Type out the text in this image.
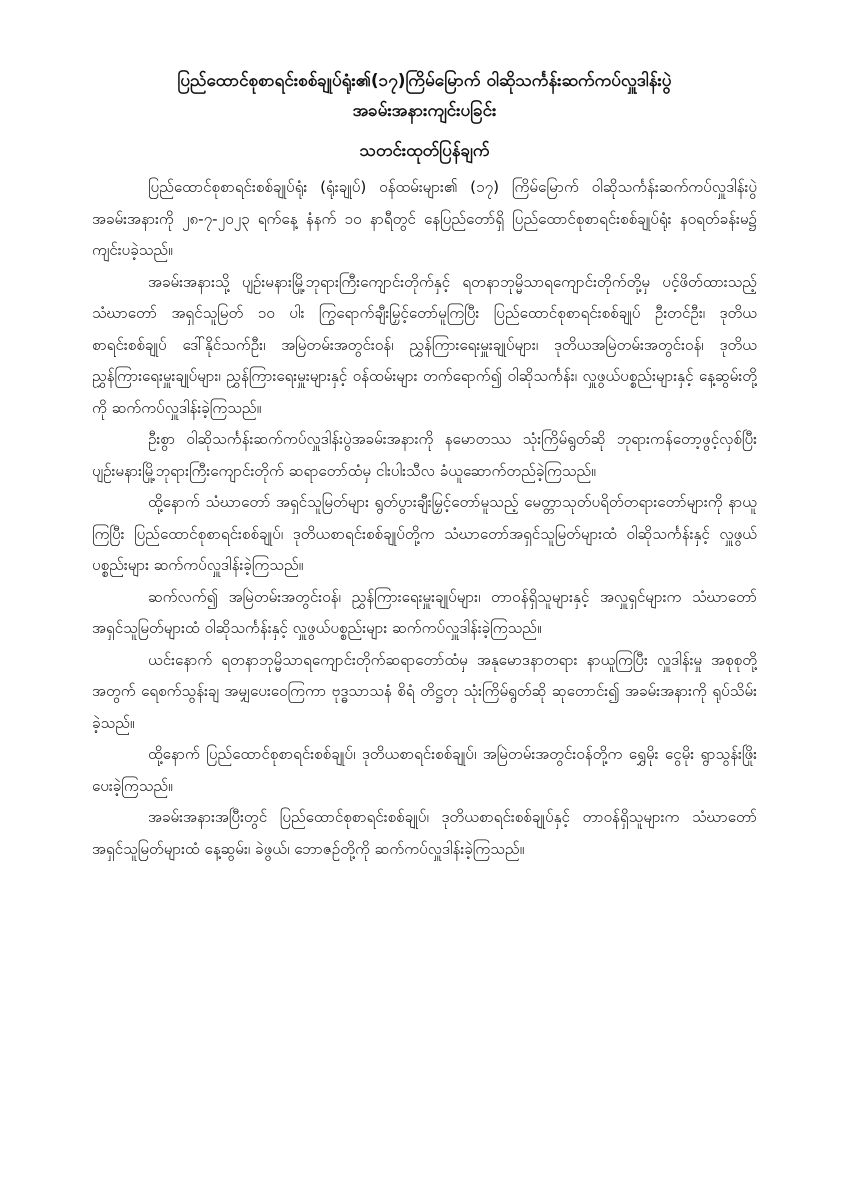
ပြည်ထောင်စုစာရင်းစစ်ချုပ်ရုံး၏(၁၇)ကြိမ်မြောက် ဝါဆိုသင်္ကန်းဆက်ကပ်လှူဒါန်းပွဲ
အခမ်းအနားကျင်းပခြင်း
သတင်းထုတ်ပြန်ချက်

ပြည်ထောင်စုစာရင်းစစ်ချုပ်ရုံး (ရုံးချုပ်) ဝန်ထမ်းများ၏ (၁၇) ကြိမ်မြောက် ဝါဆိုသင်္ကန်းဆက်ကပ်လှူဒါန်းပွဲအခမ်းအနားကို ၂၈-၇-၂၀၂၃ ရက်နေ့ နံနက် ၁၀ နာရီတွင် နေပြည်တော်ရှိ ပြည်ထောင်စုစာရင်းစစ်ချုပ်ရုံး နဝရတ်ခန်းမ၌ ကျင်းပခဲ့သည်။

အခမ်းအနားသို့ ပျဉ်းမနားမြို့ဘုရားကြီးကျောင်းတိုက်နှင့် ရတနာဘုမ္မိသာရကျောင်းတိုက်တို့မှ ပင့်ဖိတ်ထားသည့် သံဃာတော် အရှင်သူမြတ် ၁၀ ပါး ကြွရောက်ချီးမြှင့်တော်မူကြပြီး ပြည်ထောင်စုစာရင်းစစ်ချုပ် ဦးတင်ဦး၊ ဒုတိယစာရင်းစစ်ချုပ် ဒေါ်နိုင်သက်ဦး၊ အမြဲတမ်းအတွင်းဝန်၊ ညွှန်ကြားရေးမှူးချုပ်များ၊ ဒုတိယအမြဲတမ်းအတွင်းဝန်၊ ဒုတိယညွှန်ကြားရေးမှူးချုပ်များ၊ ညွှန်ကြားရေးမှူးများနှင့် ဝန်ထမ်းများ တက်ရောက်၍ ဝါဆိုသင်္ကန်း၊ လှူဖွယ်ပစ္စည်းများနှင့် နေ့ဆွမ်းတို့ကို ဆက်ကပ်လှူဒါန်းခဲ့ကြသည်။

ဦးစွာ ဝါဆိုသင်္ကန်းဆက်ကပ်လှူဒါန်းပွဲအခမ်းအနားကို နမောတဿ သုံးကြိမ်ရွတ်ဆို ဘုရားကန်တော့ဖွင့်လှစ်ပြီး ပျဉ်းမနားမြို့ဘုရားကြီးကျောင်းတိုက် ဆရာတော်ထံမှ ငါးပါးသီလ ခံယူဆောက်တည်ခဲ့ကြသည်။

ထို့နောက် သံဃာတော် အရှင်သူမြတ်များ ရွတ်ပွားချီးမြှင့်တော်မူသည့် မေတ္တာသုတ်ပရိတ်တရားတော်များကို နာယူကြပြီး ပြည်ထောင်စုစာရင်းစစ်ချုပ်၊ ဒုတိယစာရင်းစစ်ချုပ်တို့က သံဃာတော်အရှင်သူမြတ်များထံ ဝါဆိုသင်္ကန်းနှင့် လှူဖွယ်ပစ္စည်းများ ဆက်ကပ်လှူဒါန်းခဲ့ကြသည်။

ဆက်လက်၍ အမြဲတမ်းအတွင်းဝန်၊ ညွှန်ကြားရေးမှူးချုပ်များ၊ တာဝန်ရှိသူများနှင့် အလှူရှင်များက သံဃာတော် အရှင်သူမြတ်များထံ ဝါဆိုသင်္ကန်းနှင့် လှူဖွယ်ပစ္စည်းများ ဆက်ကပ်လှူဒါန်းခဲ့ကြသည်။

ယင်းနောက် ရတနာဘုမ္မိသာရကျောင်းတိုက်ဆရာတော်ထံမှ အနုမောဒနာတရား နာယူကြပြီး လှူဒါန်းမှု အစုစုတို့အတွက် ရေစက်သွန်းချ အမျှပေးဝေကြကာ ဗုဒ္ဓသာသနံ စိရံ တိဋ္ဌတု သုံးကြိမ်ရွတ်ဆို ဆုတောင်း၍ အခမ်းအနားကို ရုပ်သိမ်းခဲ့သည်။

ထို့နောက် ပြည်ထောင်စုစာရင်းစစ်ချုပ်၊ ဒုတိယစာရင်းစစ်ချုပ်၊ အမြဲတမ်းအတွင်းဝန်တို့က ရွှေမိုး ငွေမိုး ရွာသွန်းဖြိုးပေးခဲ့ကြသည်။

အခမ်းအနားအပြီးတွင် ပြည်ထောင်စုစာရင်းစစ်ချုပ်၊ ဒုတိယစာရင်းစစ်ချုပ်နှင့် တာဝန်ရှိသူများက သံဃာတော် အရှင်သူမြတ်များထံ နေ့ဆွမ်း၊ ခဲဖွယ်၊ ဘောဇဉ်တို့ကို ဆက်ကပ်လှူဒါန်းခဲ့ကြသည်။
